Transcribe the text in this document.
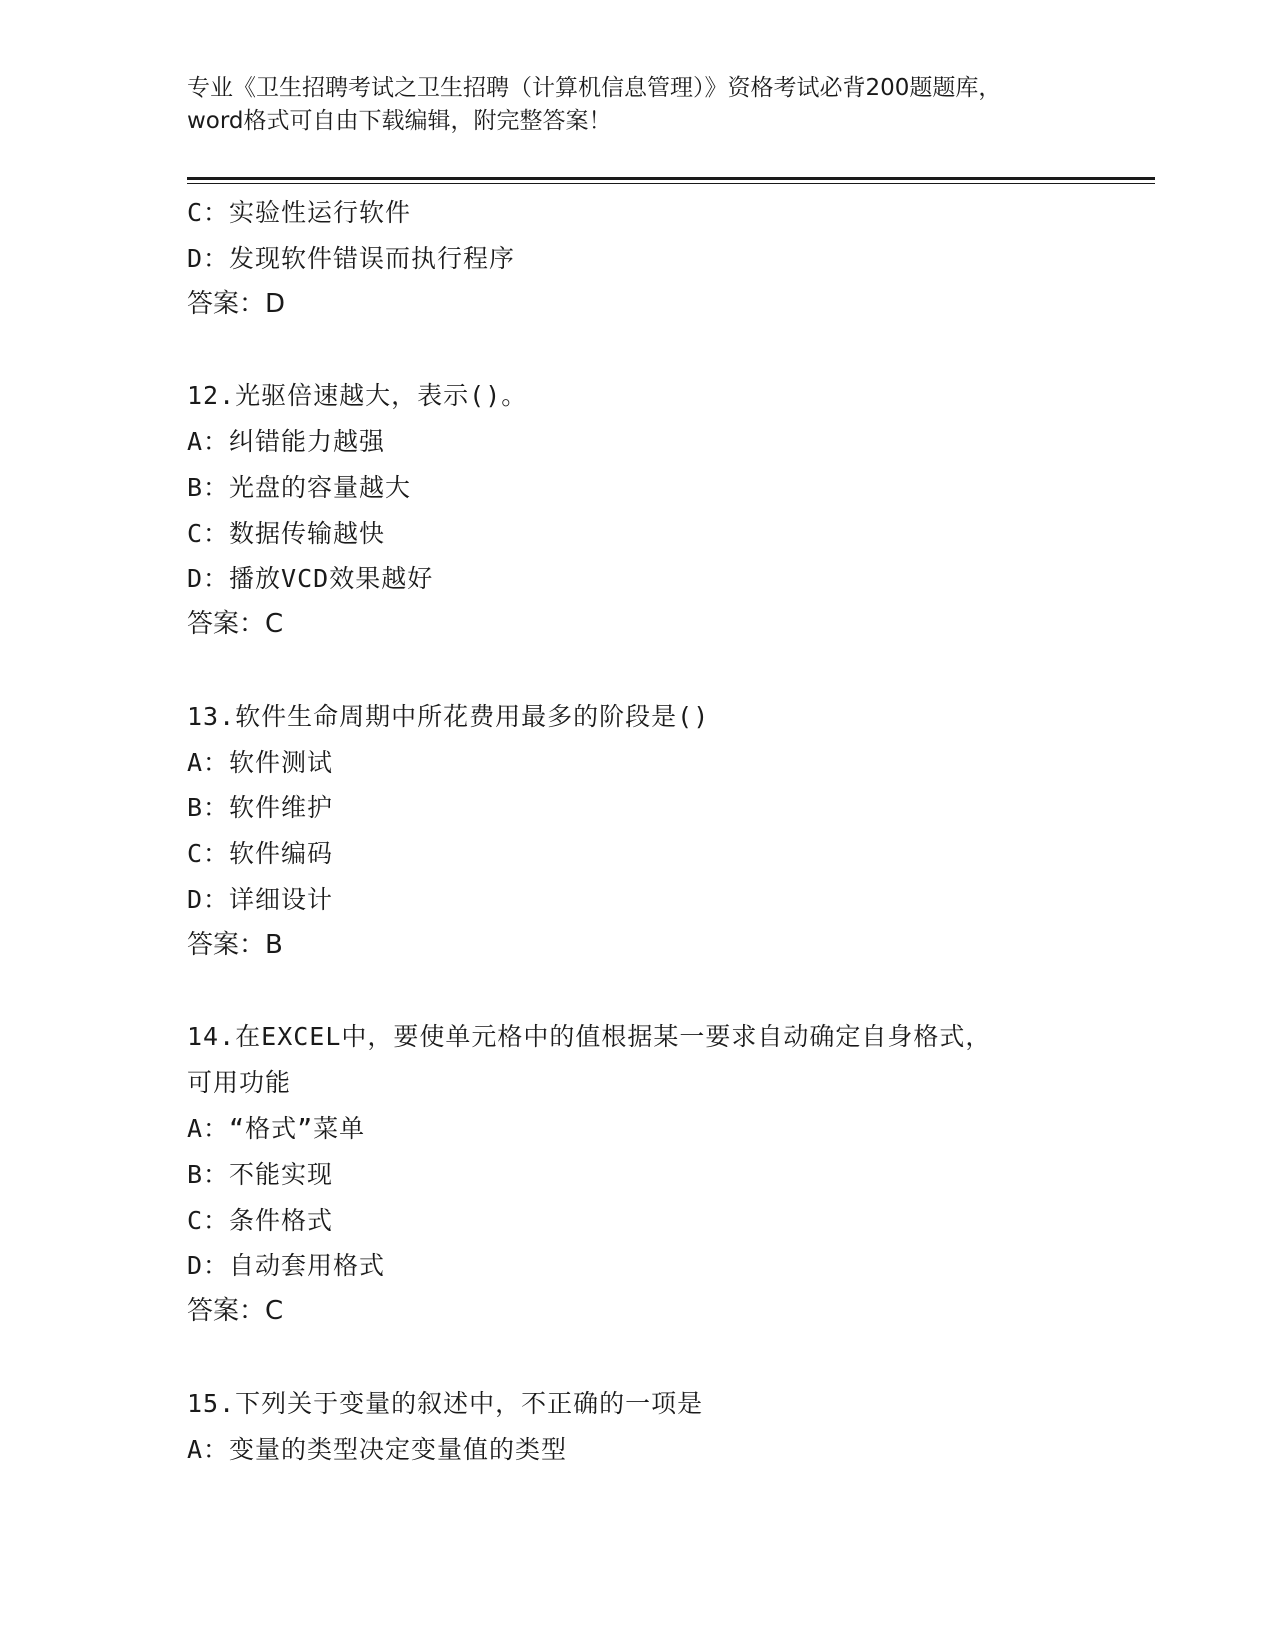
专业《卫生招聘考试之卫生招聘（计算机信息管理）》资格考试必背200题题库，
word格式可自由下载编辑，附完整答案！
C：实验性运行软件
D：发现软件错误而执行程序
答案：D
12.光驱倍速越大，表示()。
A：纠错能力越强
B：光盘的容量越大
C：数据传输越快
D：播放VCD效果越好
答案：C
13.软件生命周期中所花费用最多的阶段是()
A：软件测试
B：软件维护
C：软件编码
D：详细设计
答案：B
14.在EXCEL中，要使单元格中的值根据某一要求自动确定自身格式，
可用功能
A：“格式”菜单
B：不能实现
C：条件格式
D：自动套用格式
答案：C
15.下列关于变量的叙述中，不正确的一项是
A：变量的类型决定变量值的类型
